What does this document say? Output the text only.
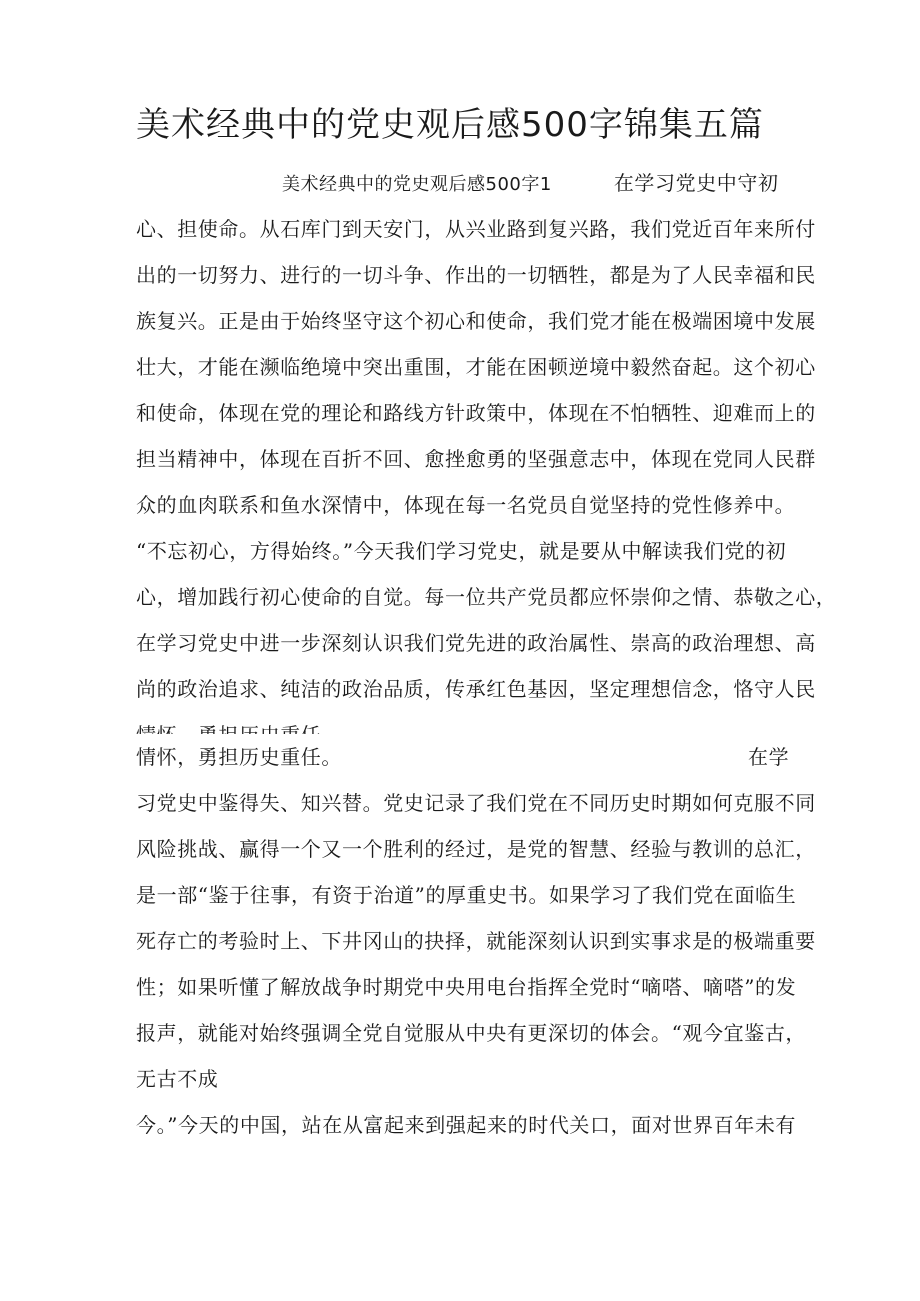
美术经典中的党史观后感500字锦集五篇
美术经典中的党史观后感500字1	在学习党史中守初
心、担使命。从石库门到天安门，从兴业路到复兴路，我们党近百年来所付
出的一切努力、进行的一切斗争、作出的一切牺牲，都是为了人民幸福和民
族复兴。正是由于始终坚守这个初心和使命，我们党才能在极端困境中发展
壮大，才能在濒临绝境中突出重围，才能在困顿逆境中毅然奋起。这个初心
和使命，体现在党的理论和路线方针政策中，体现在不怕牺牲、迎难而上的
担当精神中，体现在百折不回、愈挫愈勇的坚强意志中，体现在党同人民群
众的血肉联系和鱼水深情中，体现在每一名党员自觉坚持的党性修养中。
“不忘初心，方得始终。”今天我们学习党史，就是要从中解读我们党的初
心，增加践行初心使命的自觉。每一位共产党员都应怀崇仰之情、恭敬之心，
在学习党史中进一步深刻认识我们党先进的政治属性、崇高的政治理想、高
尚的政治追求、纯洁的政治品质，传承红色基因，坚定理想信念，恪守人民
情怀，勇担历史重任。	在学
习党史中鉴得失、知兴替。党史记录了我们党在不同历史时期如何克服不同
风险挑战、赢得一个又一个胜利的经过，是党的智慧、经验与教训的总汇，
是一部“鉴于往事，有资于治道”的厚重史书。如果学习了我们党在面临生
死存亡的考验时上、下井冈山的抉择，就能深刻认识到实事求是的极端重要
性；如果听懂了解放战争时期党中央用电台指挥全党时“嘀嗒、嘀嗒”的发
报声，就能对始终强调全党自觉服从中央有更深切的体会。“观今宜鉴古，
无古不成
今。”今天的中国，站在从富起来到强起来的时代关口，面对世界百年未有
